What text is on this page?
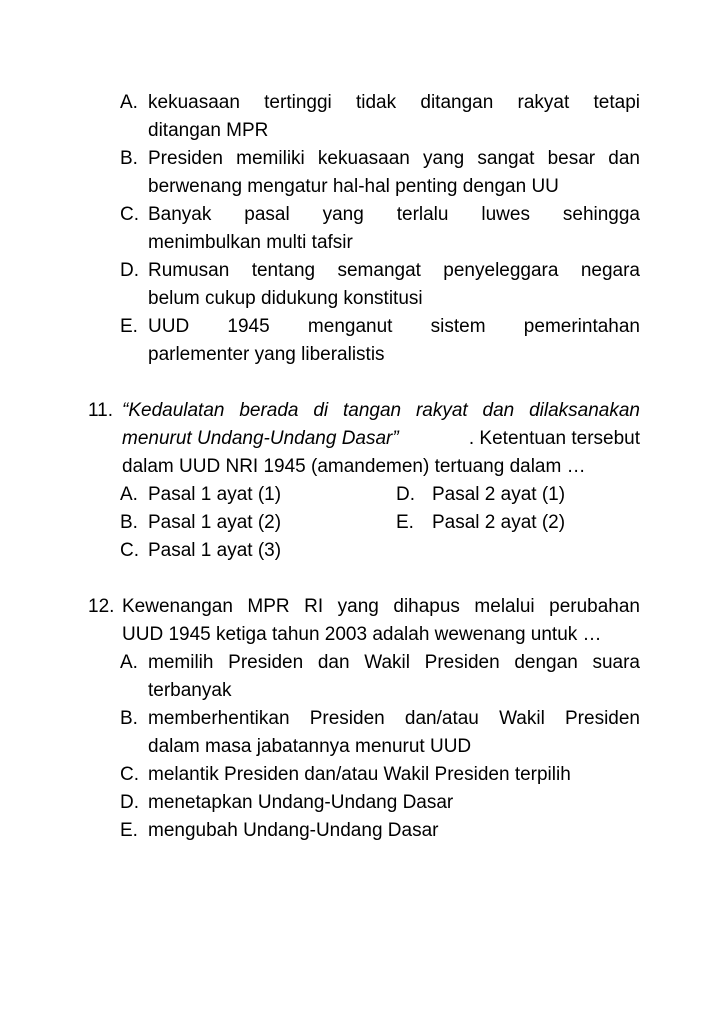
A. kekuasaan tertinggi tidak ditangan rakyat tetapi
ditangan MPR
B. Presiden memiliki kekuasaan yang sangat besar dan
berwenang mengatur hal-hal penting dengan UU
C. Banyak pasal yang terlalu luwes sehingga
menimbulkan multi tafsir
D. Rumusan tentang semangat penyeleggara negara
belum cukup didukung konstitusi
E. UUD 1945 menganut sistem pemerintahan
parlementer yang liberalistis
11. “Kedaulatan berada di tangan rakyat dan dilaksanakan
menurut Undang-Undang Dasar”	. Ketentuan tersebut
dalam UUD NRI 1945 (amandemen) tertuang dalam …
A. Pasal 1 ayat (1)	D. Pasal 2 ayat (1)
B. Pasal 1 ayat (2)	E. Pasal 2 ayat (2)
C. Pasal 1 ayat (3)
12. Kewenangan MPR RI yang dihapus melalui perubahan
UUD 1945 ketiga tahun 2003 adalah wewenang untuk …
A. memilih Presiden dan Wakil Presiden dengan suara
terbanyak
B. memberhentikan Presiden dan/atau Wakil Presiden
dalam masa jabatannya menurut UUD
C. melantik Presiden dan/atau Wakil Presiden terpilih
D. menetapkan Undang-Undang Dasar
E. mengubah Undang-Undang Dasar
